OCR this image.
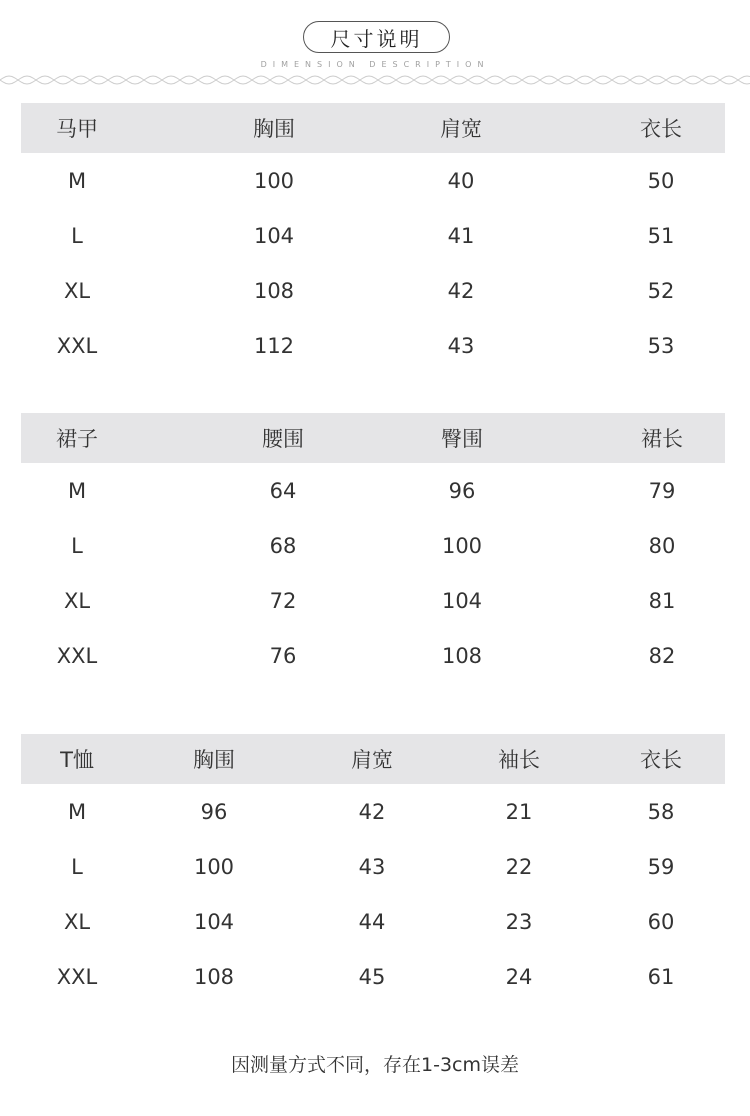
尺寸说明
DIMENSION DESCRIPTION
马甲	胸围	肩宽	衣长
M	100	40	50
L	104	41	51
XL	108	42	52
XXL	112	43	53
裙子	腰围	臀围	裙长
M	64	96	79
L	68	100	80
XL	72	104	81
XXL	76	108	82
T恤	胸围	肩宽	袖长	衣长
M	96	42	21	58
L	100	43	22	59
XL	104	44	23	60
XXL	108	45	24	61
因测量方式不同，存在1-3cm误差
